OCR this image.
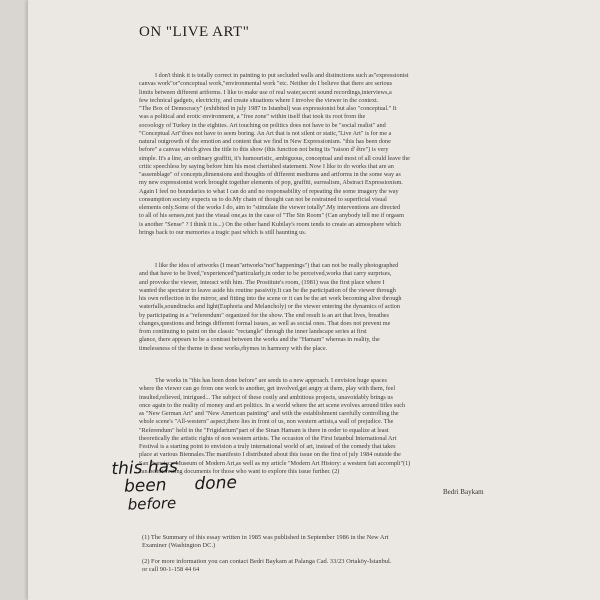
ON "LIVE ART"
I don't think it is totally correct in painting to put secluded walls and distinctions such as"expressionist
canvas work"or"conceptual work,"environmental work "etc. Neither do I believe that there are serious
limits between different artforms. I like to make use of real water,secret sound recordings,interviews,a
few technical gadgets, electricity, and create situations where I involve the viewer in the context.
"The Box of Democracy" (exhibited in july 1987 in Istanbul) was expressionist but also "conceptual." It
was a political and erotic environment, a "free zone" within itself that took its root from the
socoology of Turkey in the eighties. Art touching on politics does not have to be "social realist" and
"Conceptual Art"does not have to seem boring. An Art that is not silent or static,"Live Art" is for me a
natural outgrowth of the emotion and content that we find in New Expressionism. "this has been done
before" a canvas which gives the title to this show (this function not being its "raison d' être") is very
simple. It's a line, an ordinary graffiti, it's humouristic, ambiguous, conceptual and most of all could leave the
critic speechless by saying before him his most cherished statement. Now I like to do works that are an
"assemblage" of concepts,dimensions and thoughts of different mediums and artforms in the some way as
my new expressionist work brought together elements of pop, graffiti, surrealism, Abstract Expressionism.
Again I feel no boundaries to what I can do and no responsability of repeating the some imagery the way
consumption society expects us to do.My chain of thought can not be restrained to superficial visual
elements only.Some of the works I do, aim to "stimulate the viewer totally".My interventions are directed
to all of his senses,not just the visual one,as in the case of "The Sin Room" (Can anybody tell me if orgasm
is another "Sense" ? I think it is...) On the other hand Kubilay's room tends to create an atmosphere which
brings back to our memories a tragic past which is still haunting us.
I like the idea of artworks (I mean"artworks"not"happenings") that can not be really photographed
and that have to be lived,"experienced"particularly,in order to be perceived,works that carry surprises,
and provoke the viewer, interact with him. The Prostitute's room, (1981) was the first place where I
wanted the spectator to leave aside his routine passivity.It can be the participation of the viewer through
his own reflection in the mirror, and fitting into the scene or it can be the art work becoming alive through
waterfalls,soundtracks and light(Euphoria and Melancholy) or the viewer entering the dynamics of action
by participating in a "referendum" organized for the show. The end result is an art that lives, breathes
changes,questions and brings different formal issues, as well as social ones. That does not prevent me
from continuing to paint on the classic "rectangle" through the inner landscape series at first
glance, there appears to be a contrast between the works and the "Hamam" whereas in reality, the
timelessness of the theme in these works,rhymes in harmony with the place.
The works in "this has been done before" are seeds to a new approach. I envision huge spaces
where the viewer can go from one work to another, get involved,get angry at them, play with them, feel
insulted,relieved, intrigued... The subject of these costly and ambitious projects, unavoidably brings us
once again to the reality of money and art politics. In a world where the art scene evolves around titles such
as "New German Art" and "New American painting" and with the establishment carefully controlling the
whole scene's "All-western" aspect,there lies in front of us, non western artists,a wall of prejudice. The
"Referendum" held in the "Frigidarium"part of the Sinan Hamam is there in order to equalize at least
theoretically the artistic rights of non western artists. The occasion of the First Istanbul International Art
Festival is a starting point to envision a truly international world of art, instead of the comedy that takes
place at various Biennales.The manifesto I distributed about this issue on the first of july 1984 outside the
San Francisco Museum of Modern Art,as well as my article "Modern Art History: a western fait accompli"(1)
can be interesting documents for those who want to explore this issue further. (2)
Bedri Baykam
this has
been done
before
(1) The Summary of this essay written in 1985 was published in September 1986 in the New Art
Examiner (Washington DC.)
(2) For more information you can contact Bedri Baykam at Palanga Cad. 33/23 Ortaköy-İstanbul.
or call 90-1-158 44 64
